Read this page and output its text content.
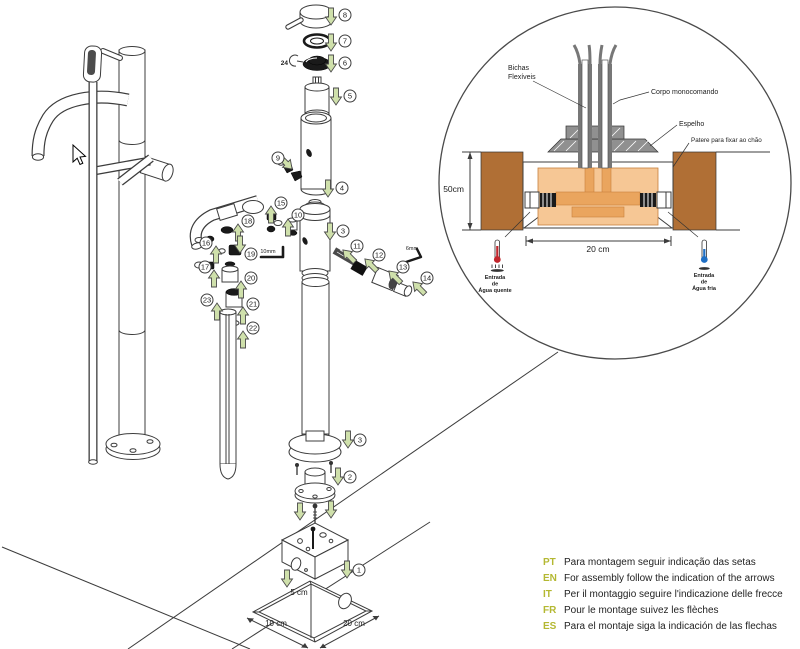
24
5 cm
10 cm	20 cm
10mm	6mm
8
7
6
5
4
3
11
12
13
14
9
15
10
16
17
18
19
20
21
22
23
3
2
1
Bichas
Flexíveis
Corpo monocomando
Espelho
Patere para fixar ao chão
50cm
20 cm
Entrada
de
Água quente
Entrada
de
Água fria
PT Para montagem seguir indicação das setas
EN For assembly follow the indication of the arrows
IT Per il montaggio seguire l'indicazione delle frecce
FR Pour le montage suivez les flèches
ES Para el montaje siga la indicación de las flechas
